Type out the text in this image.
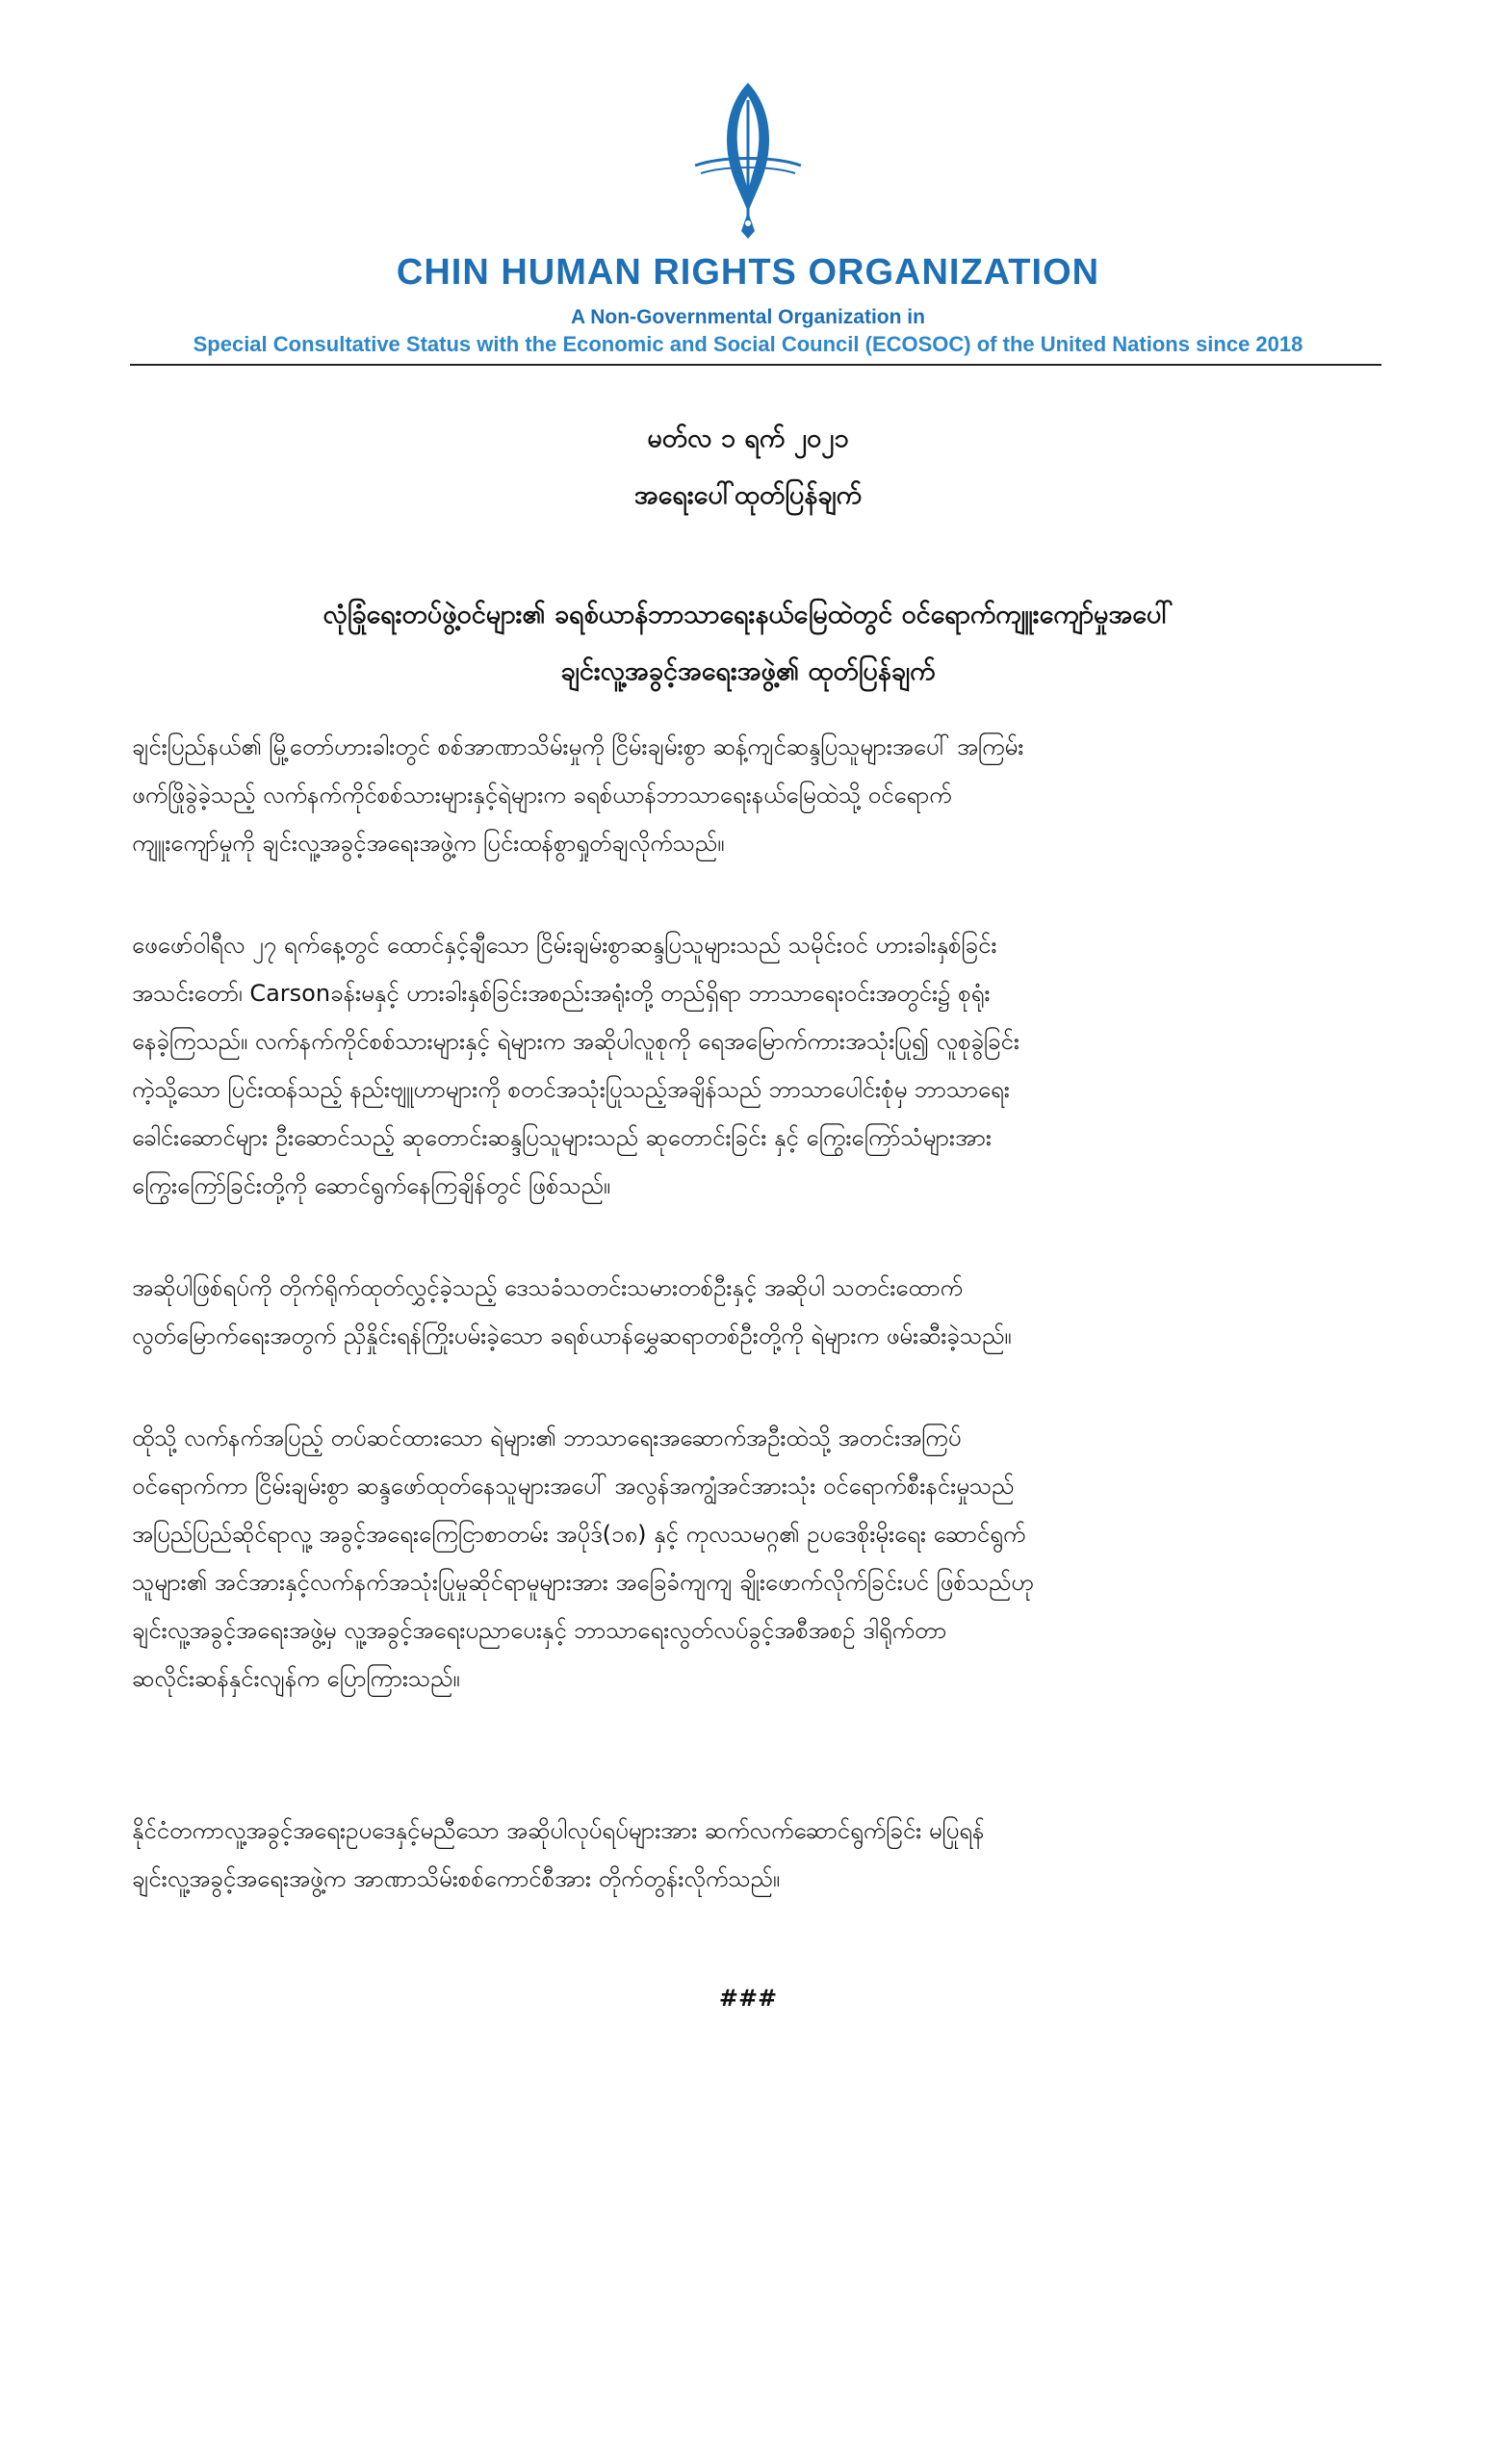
CHIN HUMAN RIGHTS ORGANIZATION
A Non-Governmental Organization in
Special Consultative Status with the Economic and Social Council (ECOSOC) of the United Nations since 2018
မတ်လ ၁ ရက် ၂၀၂၁
အရေးပေါ်ထုတ်ပြန်ချက်
လုံခြုံရေးတပ်ဖွဲ့ဝင်များ၏ ခရစ်ယာန်ဘာသာရေးနယ်မြေထဲတွင် ဝင်ရောက်ကျူးကျော်မှုအပေါ်
ချင်းလူ့အခွင့်အရေးအဖွဲ့၏ ထုတ်ပြန်ချက်
ချင်းပြည်နယ်၏ မြို့တော်ဟားခါးတွင် စစ်အာဏာသိမ်းမှုကို ငြိမ်းချမ်းစွာ ဆန့်ကျင်ဆန္ဒပြသူများအပေါ် အကြမ်း
ဖက်ဖြိုခွဲခဲ့သည့် လက်နက်ကိုင်စစ်သားများနှင့်ရဲများက ခရစ်ယာန်ဘာသာရေးနယ်မြေထဲသို့ ဝင်ရောက်
ကျူးကျော်မှုကို ချင်းလူ့အခွင့်အရေးအဖွဲ့က ပြင်းထန်စွာရှုတ်ချလိုက်သည်။
ဖေဖော်ဝါရီလ ၂၇ ရက်နေ့တွင် ထောင်နှင့်ချီသော ငြိမ်းချမ်းစွာဆန္ဒပြသူများသည် သမိုင်းဝင် ဟားခါးနှစ်ခြင်း
အသင်းတော်၊ Carsonခန်းမနှင့် ဟားခါးနှစ်ခြင်းအစည်းအရုံးတို့ တည်ရှိရာ ဘာသာရေးဝင်းအတွင်း၌ စုရုံး
နေခဲ့ကြသည်။ လက်နက်ကိုင်စစ်သားများနှင့် ရဲများက အဆိုပါလူစုကို ရေအမြောက်ကားအသုံးပြု၍ လူစုခွဲခြင်း
ကဲ့သို့သော ပြင်းထန်သည့် နည်းဗျူဟာများကို စတင်အသုံးပြုသည့်အချိန်သည် ဘာသာပေါင်းစုံမှ ဘာသာရေး
ခေါင်းဆောင်များ ဦးဆောင်သည့် ဆုတောင်းဆန္ဒပြသူများသည် ဆုတောင်းခြင်း နှင့် ကြွေးကြော်သံများအား
ကြွေးကြော်ခြင်းတို့ကို ဆောင်ရွက်နေကြချိန်တွင် ဖြစ်သည်။
အဆိုပါဖြစ်ရပ်ကို တိုက်ရိုက်ထုတ်လွှင့်ခဲ့သည့် ဒေသခံသတင်းသမားတစ်ဦးနှင့် အဆိုပါ သတင်းထောက်
လွတ်မြောက်ရေးအတွက် ညှိနှိုင်းရန်ကြိုးပမ်းခဲ့သော ခရစ်ယာန်မွှေဆရာတစ်ဦးတို့ကို ရဲများက ဖမ်းဆီးခဲ့သည်။
ထိုသို့ လက်နက်အပြည့် တပ်ဆင်ထားသော ရဲများ၏ ဘာသာရေးအဆောက်အဦးထဲသို့ အတင်းအကြပ်
ဝင်ရောက်ကာ ငြိမ်းချမ်းစွာ ဆန္ဒဖော်ထုတ်နေသူများအပေါ် အလွန်အကျွံအင်အားသုံး ဝင်ရောက်စီးနင်းမှုသည်
အပြည်ပြည်ဆိုင်ရာလူ့ အခွင့်အရေးကြေငြာစာတမ်း အပိုဒ်(၁၈) နှင့် ကုလသမဂ္ဂ၏ ဥပဒေစိုးမိုးရေး ဆောင်ရွက်
သူများ၏ အင်အားနှင့်လက်နက်အသုံးပြုမှုဆိုင်ရာမူများအား အခြေခံကျကျ ချိုးဖောက်လိုက်ခြင်းပင် ဖြစ်သည်ဟု
ချင်းလူ့အခွင့်အရေးအဖွဲ့မှ လူ့အခွင့်အရေးပညာပေးနှင့် ဘာသာရေးလွတ်လပ်ခွင့်အစီအစဉ် ဒါရိုက်တာ
ဆလိုင်းဆန်နှင်းလျန်က ပြောကြားသည်။
နိုင်ငံတကာလူ့အခွင့်အရေးဥပဒေနှင့်မညီသော အဆိုပါလုပ်ရပ်များအား ဆက်လက်ဆောင်ရွက်ခြင်း မပြုရန်
ချင်းလူ့အခွင့်အရေးအဖွဲ့က အာဏာသိမ်းစစ်ကောင်စီအား တိုက်တွန်းလိုက်သည်။
###
